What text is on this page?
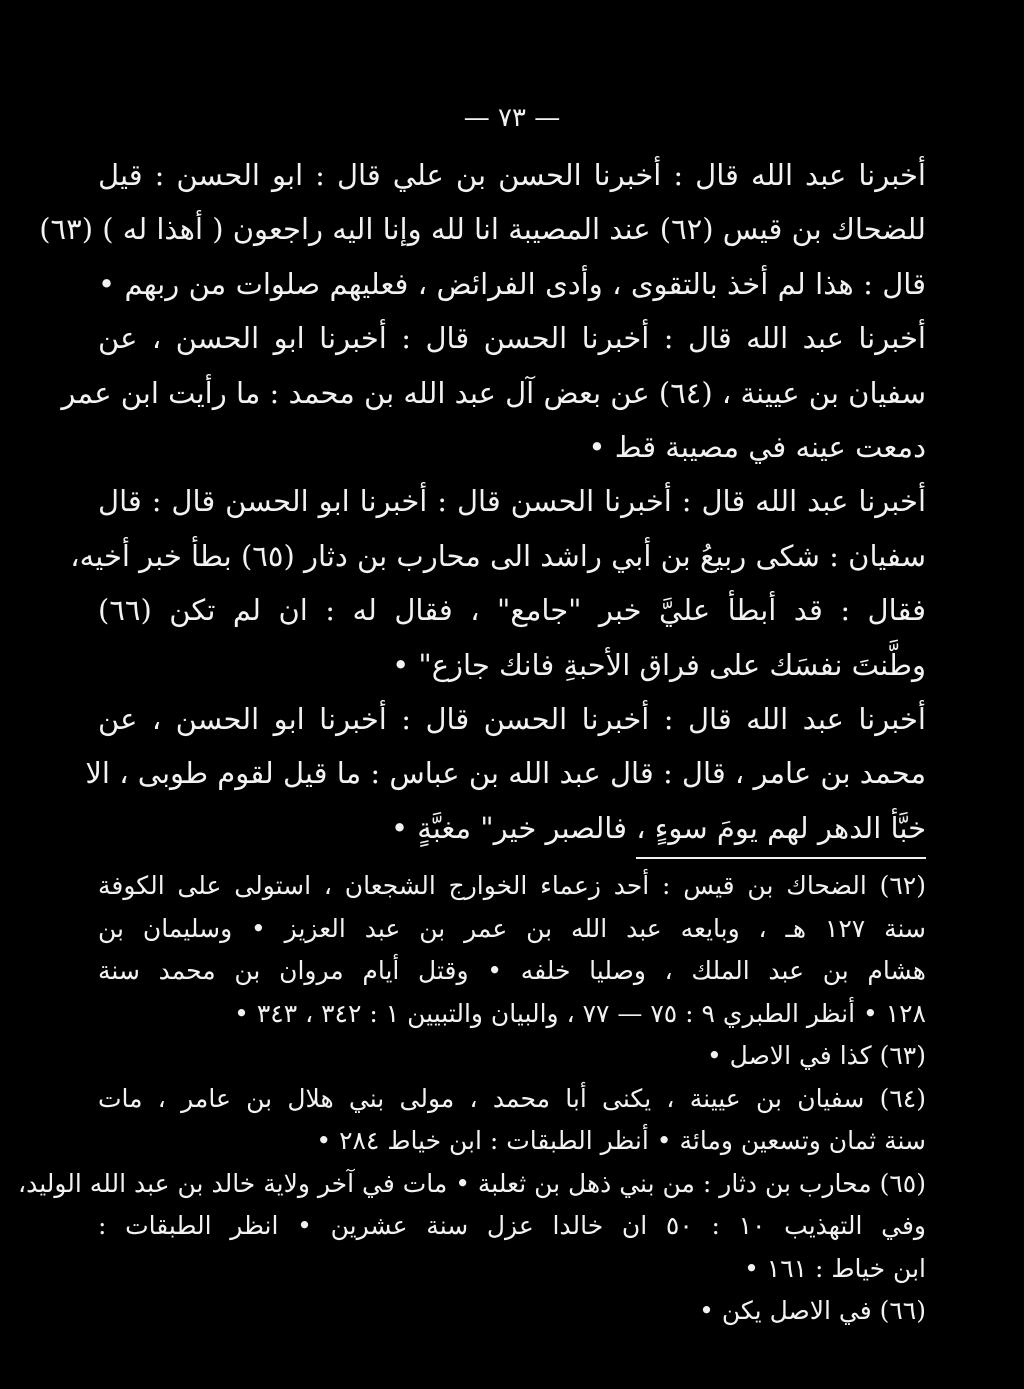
— ٧٣ —
أخبرنا عبد الله قال : أخبرنا الحسن بن علي قال : ابو الحسن : قيل
للضحاك بن قيس (٦٢) عند المصيبة انا لله وإنا اليه راجعون ( أهذا له ) (٦٣)
قال : هذا لم أخذ بالتقوى ، وأدى الفرائض ، فعليهم صلوات من ربهم •
أخبرنا عبد الله قال : أخبرنا الحسن قال : أخبرنا ابو الحسن ، عن
سفيان بن عيينة ، (٦٤) عن بعض آل عبد الله بن محمد : ما رأيت ابن عمر
دمعت عينه في مصيبة قط •
أخبرنا عبد الله قال : أخبرنا الحسن قال : أخبرنا ابو الحسن قال : قال
سفيان : شكى ربيعُ بن أبي راشد الى محارب بن دثار (٦٥) بطأ خبر أخيه،
فقال : قد أبطأ عليَّ خبر "جامع" ، فقال له : ان لم تكن (٦٦)
وطَّنتَ نفسَك على فراق الأحبةِ فانك جازع" •
أخبرنا عبد الله قال : أخبرنا الحسن قال : أخبرنا ابو الحسن ، عن
محمد بن عامر ، قال : قال عبد الله بن عباس : ما قيل لقوم طوبى ، الا
خبَّأ الدهر لهم يومَ سوءٍ ، فالصبر خير" مغبَّةٍ •
(٦٢) الضحاك بن قيس : أحد زعماء الخوارج الشجعان ، استولى على الكوفة
سنة ١٢٧ هـ ، وبايعه عبد الله بن عمر بن عبد العزيز • وسليمان بن
هشام بن عبد الملك ، وصليا خلفه • وقتل أيام مروان بن محمد سنة
١٢٨ • أنظر الطبري ٩ : ٧٥ — ٧٧ ، والبيان والتبيين ١ : ٣٤٢ ، ٣٤٣ •
(٦٣) كذا في الاصل •
(٦٤) سفيان بن عيينة ، يكنى أبا محمد ، مولى بني هلال بن عامر ، مات
سنة ثمان وتسعين ومائة • أنظر الطبقات : ابن خياط ٢٨٤ •
(٦٥) محارب بن دثار : من بني ذهل بن ثعلبة • مات في آخر ولاية خالد بن عبد الله الوليد،
وفي التهذيب ١٠ : ٥٠ ان خالدا عزل سنة عشرين • انظر الطبقات :
ابن خياط : ١٦١ •
(٦٦) في الاصل يكن •
